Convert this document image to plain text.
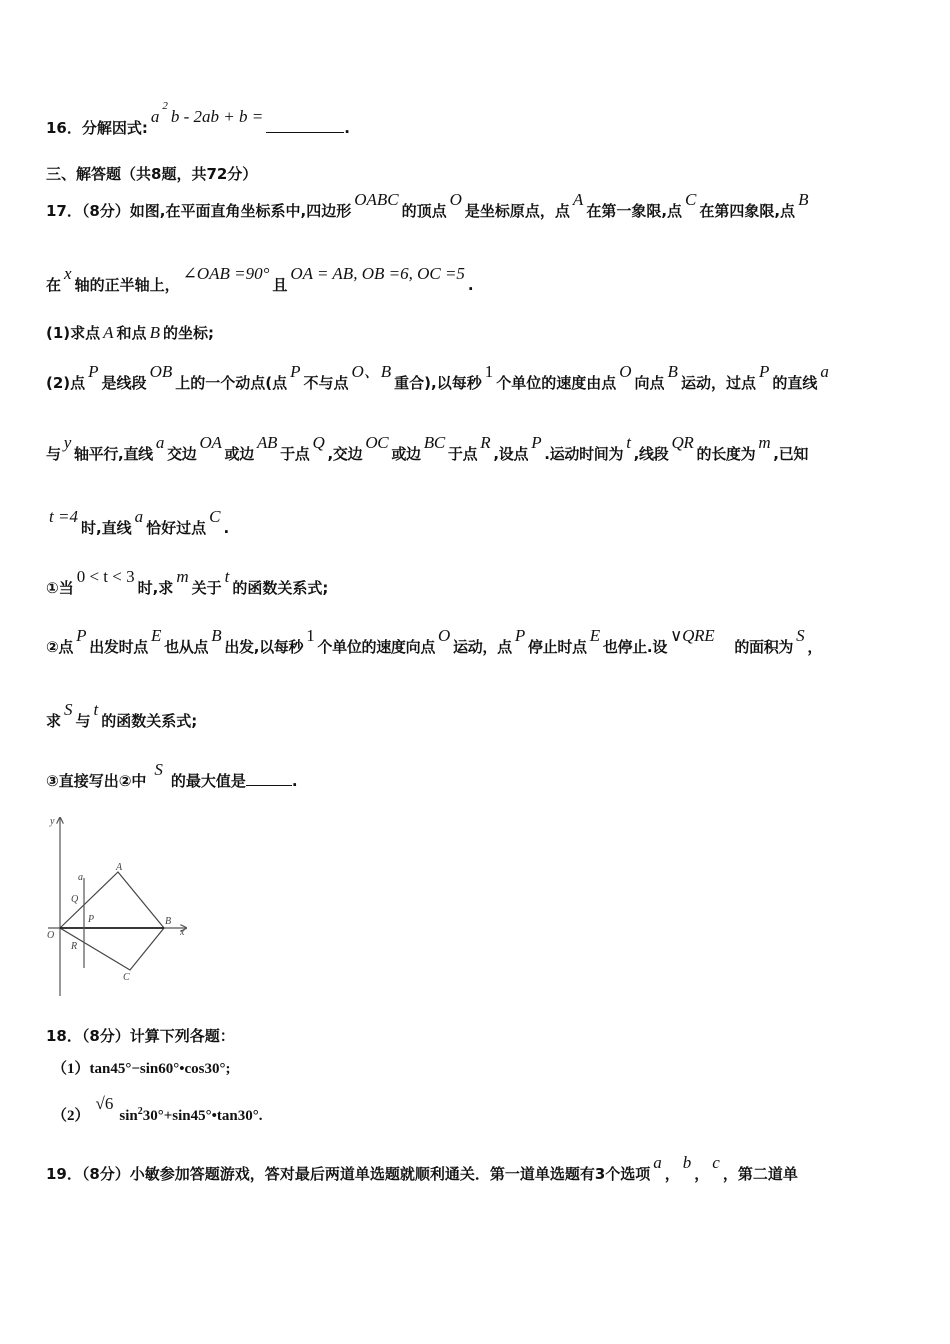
16．分解因式$:a^2b - 2ab + b$ =.
三、解答题（共8题，共72分）
17．（8分）如图,在平面直角坐标系中,四边形OABC的顶点O是坐标原点，点A在第一象限,点C在第四象限,点B
在x轴的正半轴上，∠OAB =90°且OA = AB, OB =6, OC =5.
(1)求点 A 和点 B 的坐标;
(2)点P是线段OB上的一个动点(点P不与点O、B重合),以每秒1个单位的速度由点O向点B运动，过点P的直线a
与y轴平行,直线a交边OA或边AB于点Q,交边OC或边BC于点R,设点P.运动时间为t,线段QR的长度为m,已知
t =4时,直线a恰好过点C.
①当0 < t < 3时,求m关于t的函数关系式;
②点P出发时点E也从点B出发,以每秒1个单位的速度向点O运动，点P停止时点E也停止.设∨QRE的面积为S，
求S与t的函数关系式;
③直接写出②中S的最大值是	.
y
x
O
a
A
Q
P	B
R
C
18．（8分）计算下列各题：
（1）tan45°−sin60°•cos30°;
$(2)√6\sin^230^\circ+\sin 45^\circ•\tan 30^\circ$.
19．（8分）小敏参加答题游戏，答对最后两道单选题就顺利通关．第一道单选题有3个选项a，b，c，第二道单
